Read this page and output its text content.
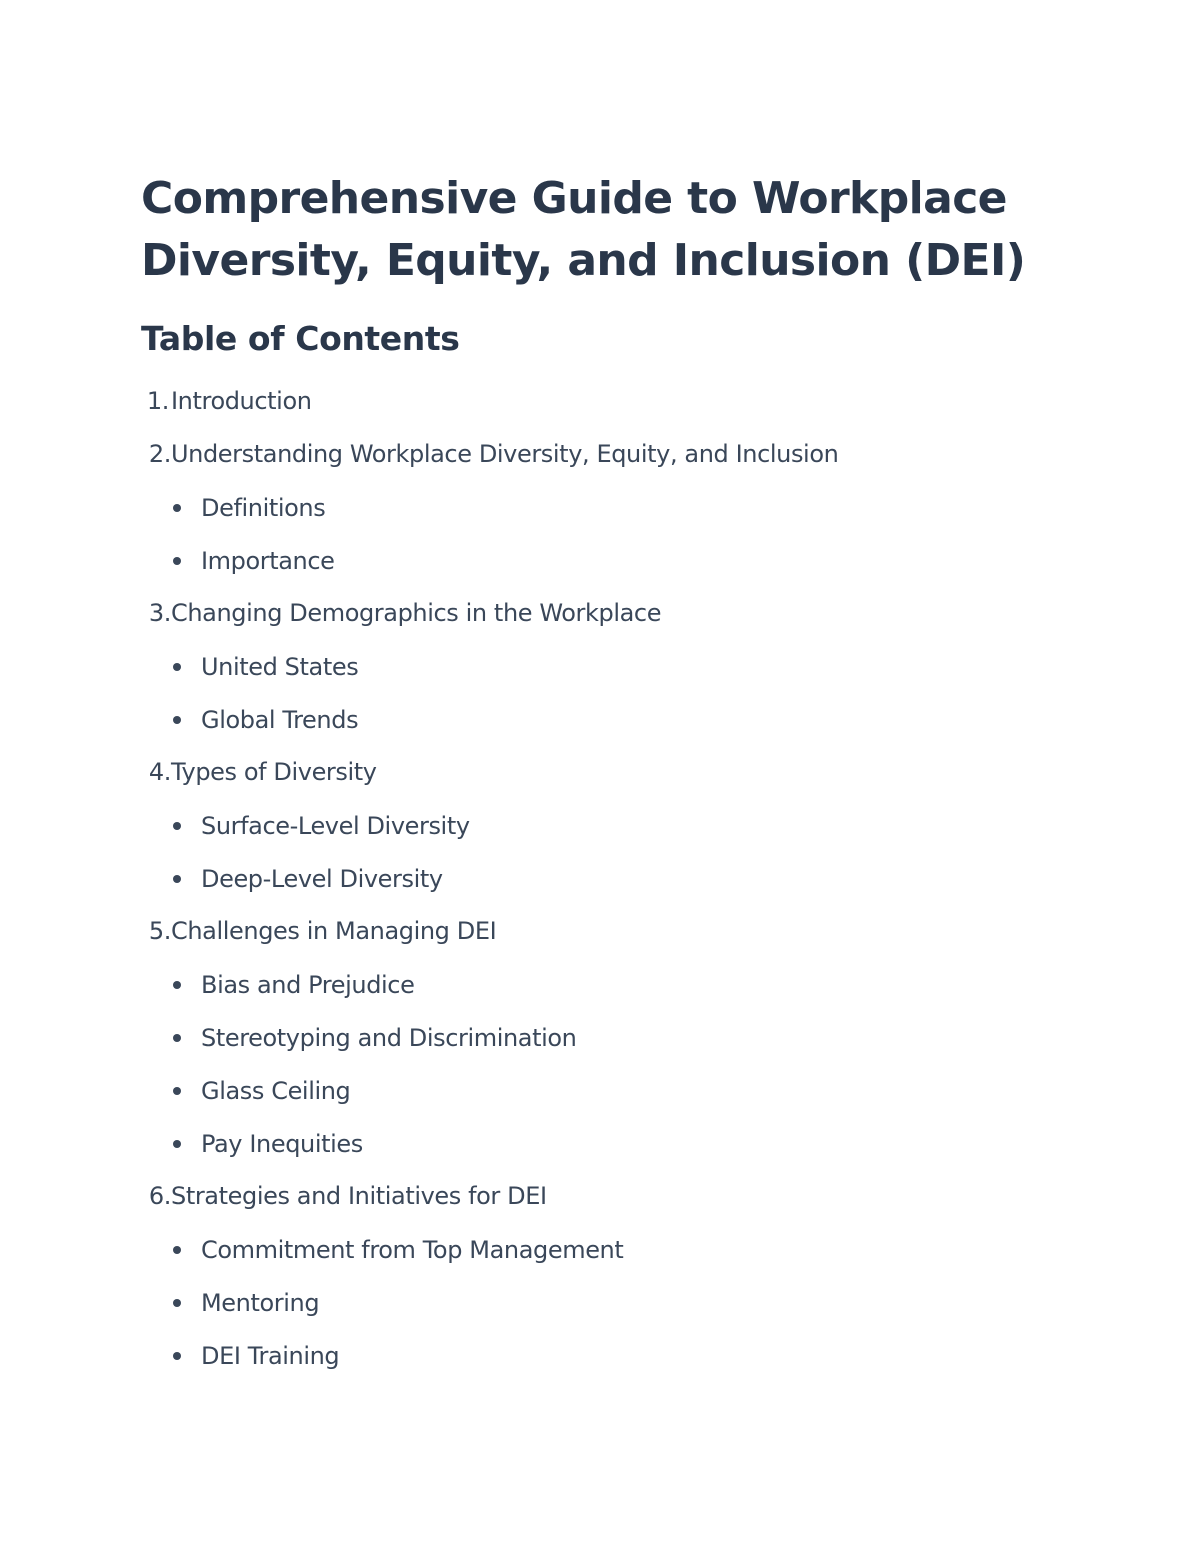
Comprehensive Guide to Workplace
Diversity, Equity, and Inclusion (DEI)
Table of Contents
1. Introduction
2. Understanding Workplace Diversity, Equity, and Inclusion
Definitions
Importance
3. Changing Demographics in the Workplace
United States
Global Trends
4. Types of Diversity
Surface-Level Diversity
Deep-Level Diversity
5. Challenges in Managing DEI
Bias and Prejudice
Stereotyping and Discrimination
Glass Ceiling
Pay Inequities
6. Strategies and Initiatives for DEI
Commitment from Top Management
Mentoring
DEI Training
